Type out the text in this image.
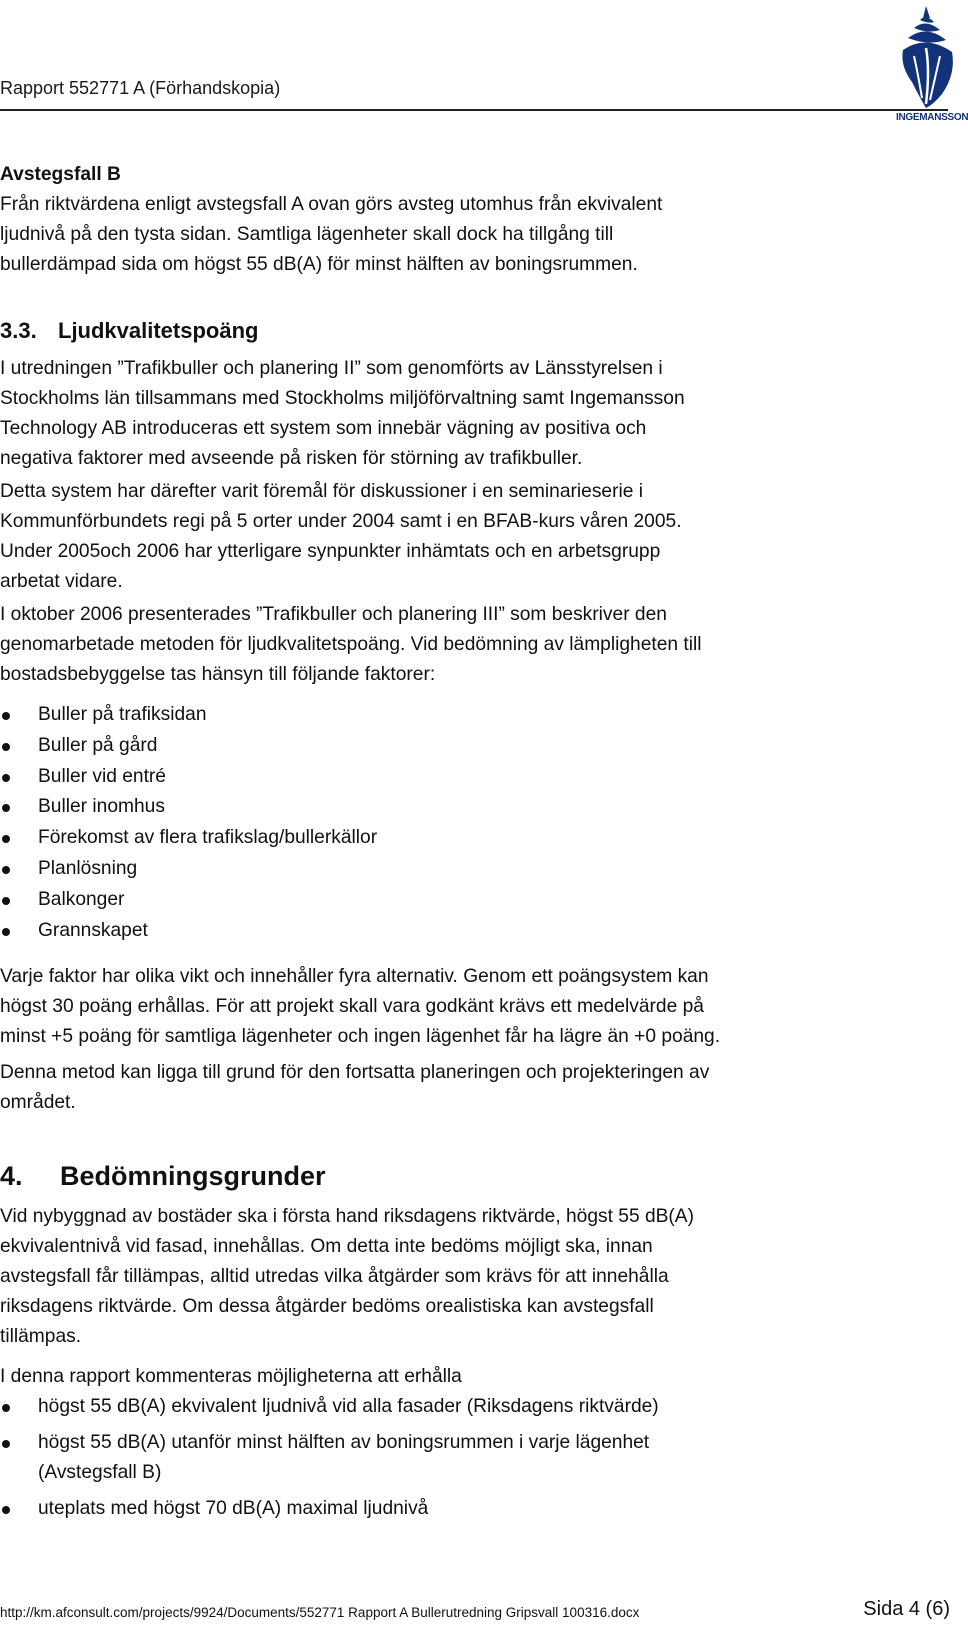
Rapport 552771 A (Förhandskopia)
INGEMANSSON

Avstegsfall B

Från riktvärdena enligt avstegsfall A ovan görs avsteg utomhus från ekvivalent

ljudnivå på den tysta sidan. Samtliga lägenheter skall dock ha tillgång till

bullerdämpad sida om högst 55 dB(A) för minst hälften av boningsrummen.

3.3. Ljudkvalitetspoäng

I utredningen ”Trafikbuller och planering II” som genomförts av Länsstyrelsen i

Stockholms län tillsammans med Stockholms miljöförvaltning samt Ingemansson

Technology AB introduceras ett system som innebär vägning av positiva och

negativa faktorer med avseende på risken för störning av trafikbuller.

Detta system har därefter varit föremål för diskussioner i en seminarieserie i

Kommunförbundets regi på 5 orter under 2004 samt i en BFAB-kurs våren 2005.

Under 2005och 2006 har ytterligare synpunkter inhämtats och en arbetsgrupp

arbetat vidare.

I oktober 2006 presenterades ”Trafikbuller och planering III” som beskriver den

genomarbetade metoden för ljudkvalitetspoäng. Vid bedömning av lämpligheten till

bostadsbebyggelse tas hänsyn till följande faktorer:

Buller på trafiksidan
Buller på gård
Buller vid entré
Buller inomhus
Förekomst av flera trafikslag/bullerkällor
Planlösning
Balkonger
Grannskapet

Varje faktor har olika vikt och innehåller fyra alternativ. Genom ett poängsystem kan

högst 30 poäng erhållas. För att projekt skall vara godkänt krävs ett medelvärde på

minst +5 poäng för samtliga lägenheter och ingen lägenhet får ha lägre än +0 poäng.

Denna metod kan ligga till grund för den fortsatta planeringen och projekteringen av

området.

4. Bedömningsgrunder

Vid nybyggnad av bostäder ska i första hand riksdagens riktvärde, högst 55 dB(A)

ekvivalentnivå vid fasad, innehållas. Om detta inte bedöms möjligt ska, innan

avstegsfall får tillämpas, alltid utredas vilka åtgärder som krävs för att innehålla

riksdagens riktvärde. Om dessa åtgärder bedöms orealistiska kan avstegsfall

tillämpas.

I denna rapport kommenteras möjligheterna att erhålla

högst 55 dB(A) ekvivalent ljudnivå vid alla fasader (Riksdagens riktvärde)
högst 55 dB(A) utanför minst hälften av boningsrummen i varje lägenhet
(Avstegsfall B)
uteplats med högst 70 dB(A) maximal ljudnivå
http://km.afconsult.com/projects/9924/Documents/552771 Rapport A Bullerutredning Gripsvall 100316.docx	Sida 4 (6)
